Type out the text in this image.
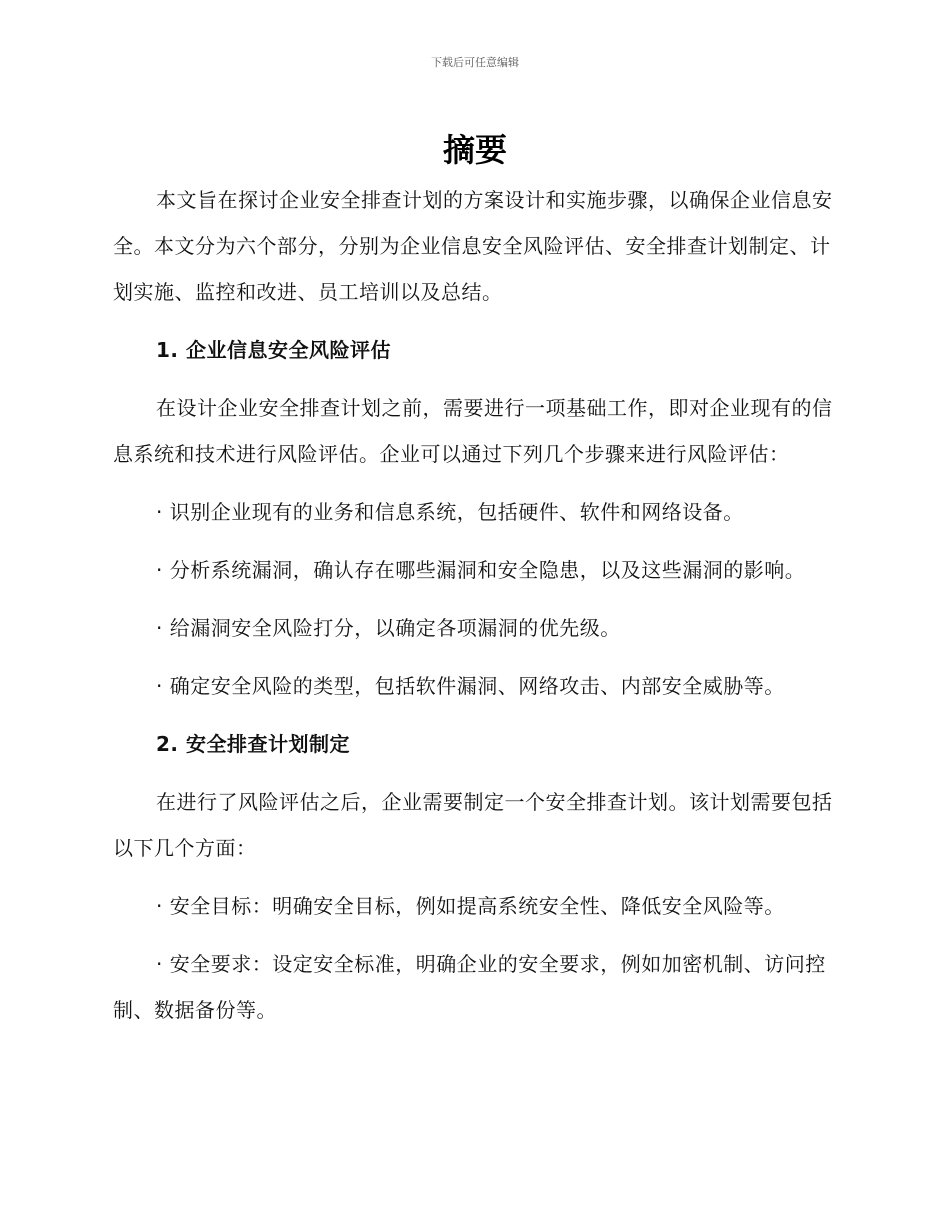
下载后可任意编辑
摘要

本文旨在探讨企业安全排查计划的方案设计和实施步骤，以确保企业信息安全。本文分为六个部分，分别为企业信息安全风险评估、安全排查计划制定、计划实施、监控和改进、员工培训以及总结。

1. 企业信息安全风险评估

在设计企业安全排查计划之前，需要进行一项基础工作，即对企业现有的信息系统和技术进行风险评估。企业可以通过下列几个步骤来进行风险评估：

· 识别企业现有的业务和信息系统，包括硬件、软件和网络设备。

· 分析系统漏洞，确认存在哪些漏洞和安全隐患，以及这些漏洞的影响。

· 给漏洞安全风险打分，以确定各项漏洞的优先级。

· 确定安全风险的类型，包括软件漏洞、网络攻击、内部安全威胁等。

2. 安全排查计划制定

在进行了风险评估之后，企业需要制定一个安全排查计划。该计划需要包括以下几个方面：

· 安全目标：明确安全目标，例如提高系统安全性、降低安全风险等。

· 安全要求：设定安全标准，明确企业的安全要求，例如加密机制、访问控制、数据备份等。
